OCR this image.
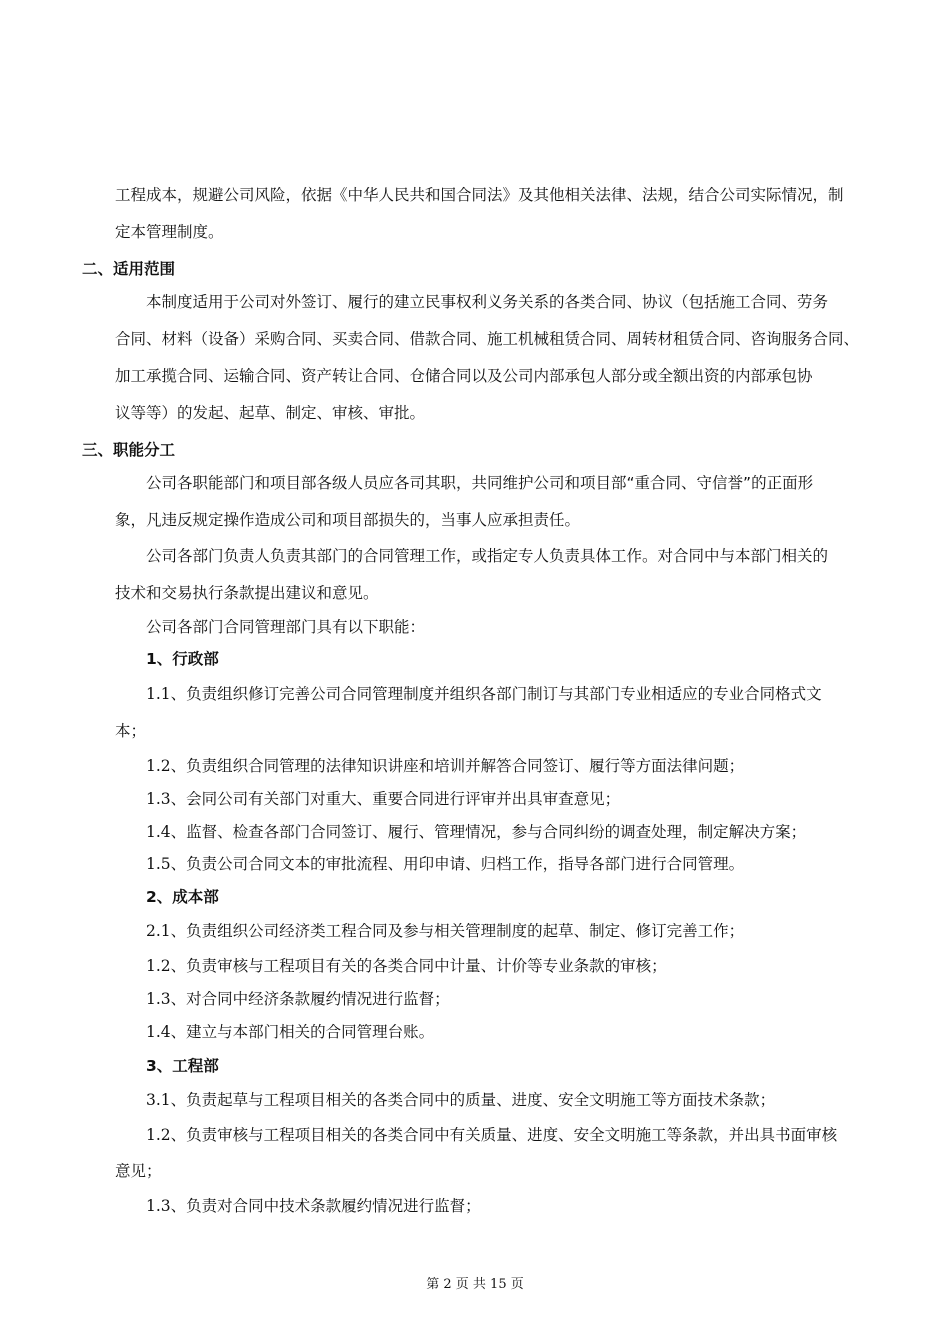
工程成本，规避公司风险，依据《中华人民共和国合同法》及其他相关法律、法规，结合公司实际情况，制
定本管理制度。
二、适用范围
本制度适用于公司对外签订、履行的建立民事权利义务关系的各类合同、协议（包括施工合同、劳务
合同、材料（设备）采购合同、买卖合同、借款合同、施工机械租赁合同、周转材租赁合同、咨询服务合同、
加工承揽合同、运输合同、资产转让合同、仓储合同以及公司内部承包人部分或全额出资的内部承包协
议等等）的发起、起草、制定、审核、审批。
三、职能分工
公司各职能部门和项目部各级人员应各司其职，共同维护公司和项目部“重合同、守信誉”的正面形
象，凡违反规定操作造成公司和项目部损失的，当事人应承担责任。
公司各部门负责人负责其部门的合同管理工作，或指定专人负责具体工作。对合同中与本部门相关的
技术和交易执行条款提出建议和意见。
公司各部门合同管理部门具有以下职能：
1、行政部
1.1、负责组织修订完善公司合同管理制度并组织各部门制订与其部门专业相适应的专业合同格式文
本；
1.2、负责组织合同管理的法律知识讲座和培训并解答合同签订、履行等方面法律问题；
1.3、会同公司有关部门对重大、重要合同进行评审并出具审查意见；
1.4、监督、检查各部门合同签订、履行、管理情况，参与合同纠纷的调查处理，制定解决方案；
1.5、负责公司合同文本的审批流程、用印申请、归档工作，指导各部门进行合同管理。
2、成本部
2.1、负责组织公司经济类工程合同及参与相关管理制度的起草、制定、修订完善工作；
1.2、负责审核与工程项目有关的各类合同中计量、计价等专业条款的审核；
1.3、对合同中经济条款履约情况进行监督；
1.4、建立与本部门相关的合同管理台账。
3、工程部
3.1、负责起草与工程项目相关的各类合同中的质量、进度、安全文明施工等方面技术条款；
1.2、负责审核与工程项目相关的各类合同中有关质量、进度、安全文明施工等条款，并出具书面审核
意见；
1.3、负责对合同中技术条款履约情况进行监督；
第 2 页 共 15 页
